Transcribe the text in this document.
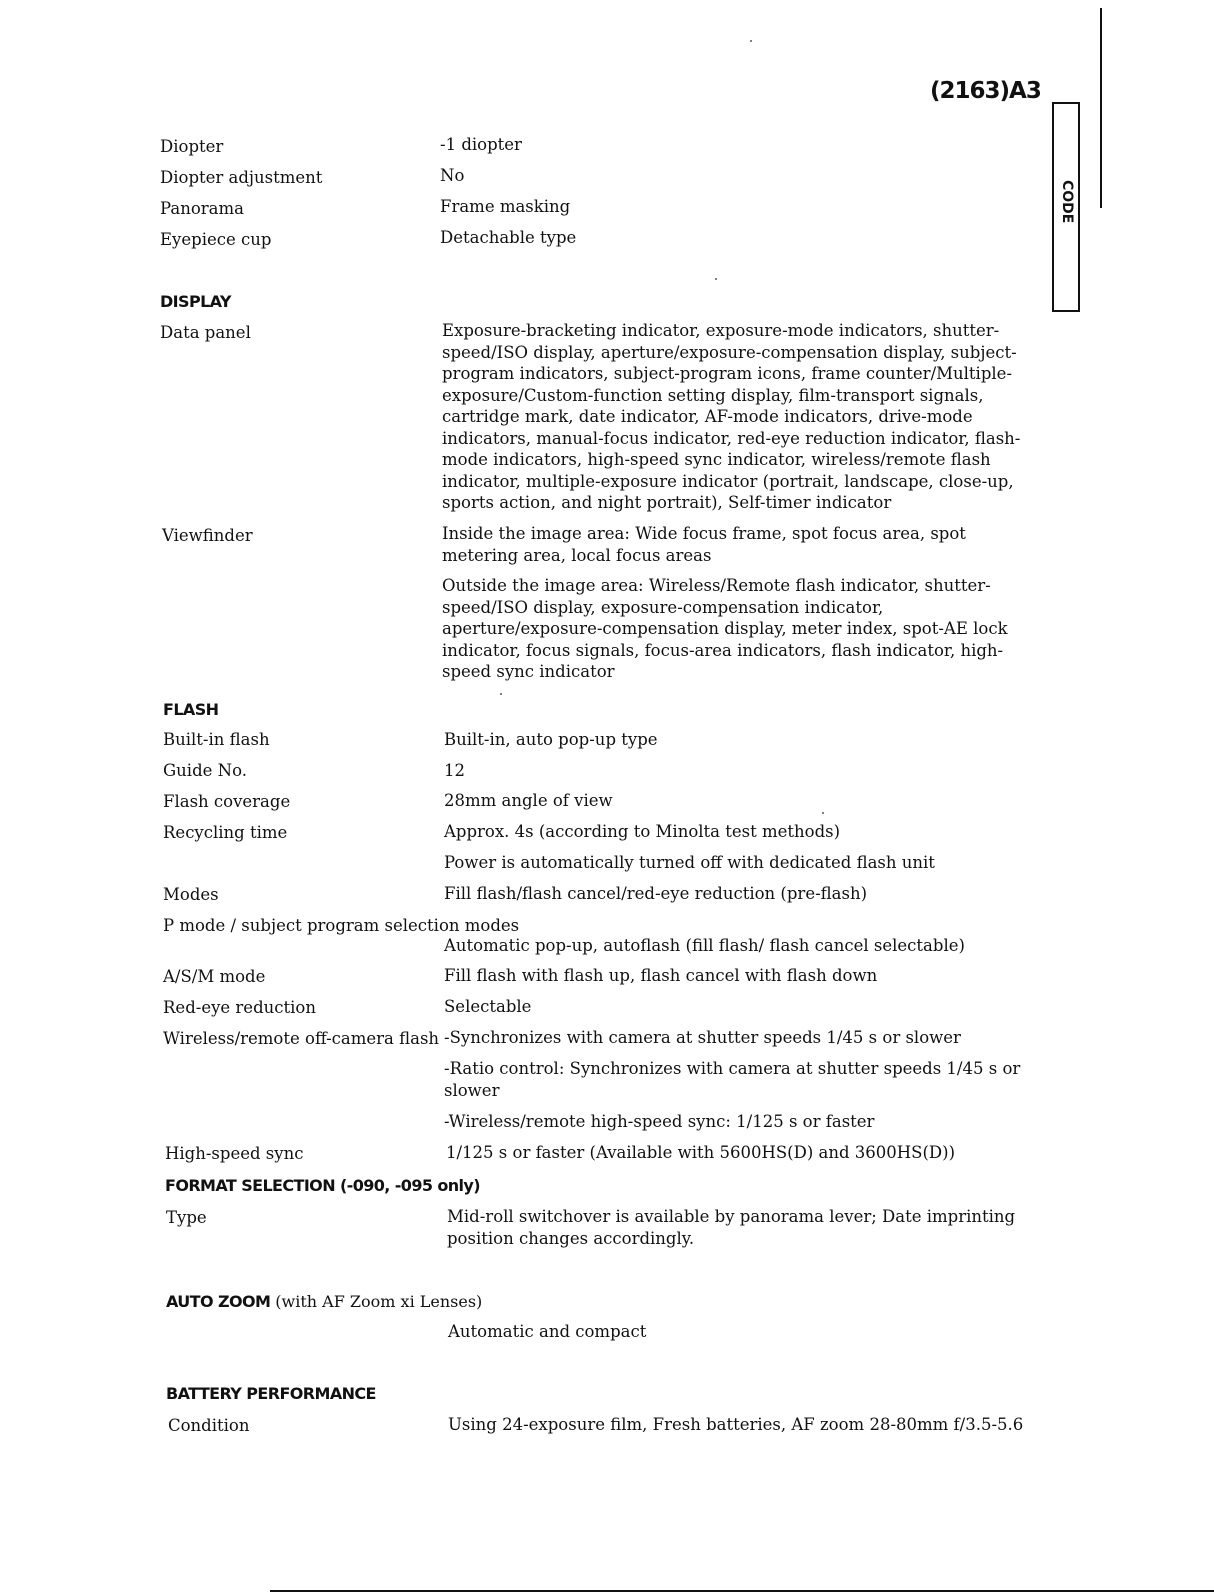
(2163)A3
CODE
Diopter	-1 diopter
Diopter adjustment	No
Panorama	Frame masking
Eyepiece cup	Detachable type
DISPLAY
Data panel	Exposure-bracketing indicator, exposure-mode indicators, shutter-speed/ISO display, aperture/exposure-compensation display, subject-program indicators, subject-program icons, frame counter/Multiple-exposure/Custom-function setting display, film-transport signals, cartridge mark, date indicator, AF-mode indicators, drive-mode indicators, manual-focus indicator, red-eye reduction indicator, flash-mode indicators, high-speed sync indicator, wireless/remote flash indicator, multiple-exposure indicator (portrait, landscape, close-up, sports action, and night portrait), Self-timer indicator
Viewfinder	Inside the image area: Wide focus frame, spot focus area, spot metering area, local focus areas
Outside the image area: Wireless/Remote flash indicator, shutter-speed/ISO display, exposure-compensation indicator, aperture/exposure-compensation display, meter index, spot-AE lock indicator, focus signals, focus-area indicators, flash indicator, high-speed sync indicator
FLASH
Built-in flash	Built-in, auto pop-up type
Guide No.	12
Flash coverage	28mm angle of view
Recycling time	Approx. 4s (according to Minolta test methods)
Power is automatically turned off with dedicated flash unit
Modes	Fill flash/flash cancel/red-eye reduction (pre-flash)
P mode / subject program selection modes
Automatic pop-up, autoflash (fill flash/ flash cancel selectable)
A/S/M mode	Fill flash with flash up, flash cancel with flash down
Red-eye reduction	Selectable
Wireless/remote off-camera flash -Synchronizes with camera at shutter speeds 1/45 s or slower
-Ratio control: Synchronizes with camera at shutter speeds 1/45 s or slower
-Wireless/remote high-speed sync: 1/125 s or faster
High-speed sync	1/125 s or faster (Available with 5600HS(D) and 3600HS(D))
FORMAT SELECTION (-090, -095 only)
Type	Mid-roll switchover is available by panorama lever; Date imprinting position changes accordingly.
AUTO ZOOM (with AF Zoom xi Lenses)
Automatic and compact
BATTERY PERFORMANCE
Condition	Using 24-exposure film, Fresh batteries, AF zoom 28-80mm f/3.5-5.6
